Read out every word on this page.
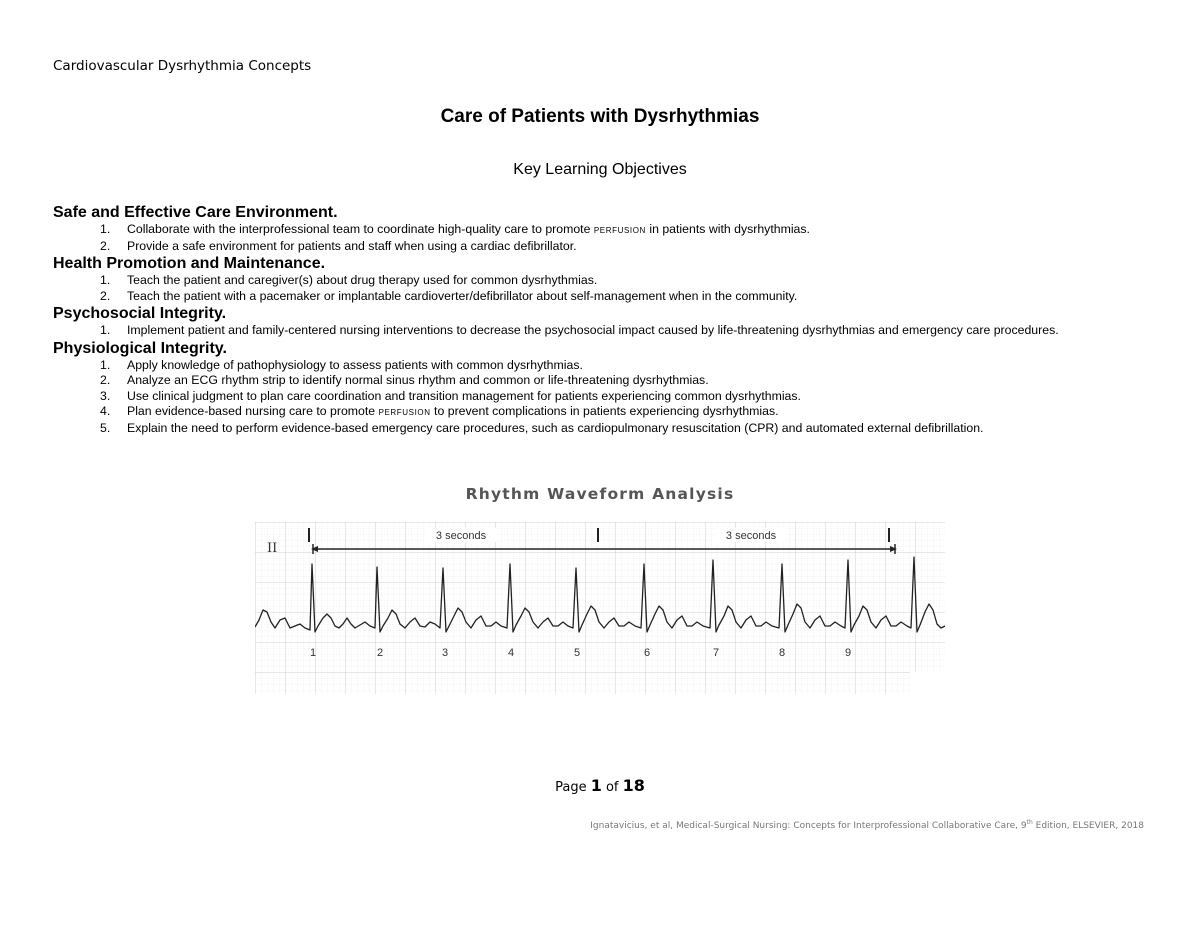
Cardiovascular Dysrhythmia Concepts
Care of Patients with Dysrhythmias
Key Learning Objectives
Safe and Effective Care Environment.
1. Collaborate with the interprofessional team to coordinate high-quality care to promote perfusion in patients with dysrhythmias.
2. Provide a safe environment for patients and staff when using a cardiac defibrillator.
Health Promotion and Maintenance.
1. Teach the patient and caregiver(s) about drug therapy used for common dysrhythmias.
2. Teach the patient with a pacemaker or implantable cardioverter/defibrillator about self-management when in the community.
Psychosocial Integrity.
1. Implement patient and family-centered nursing interventions to decrease the psychosocial impact caused by life-threatening dysrhythmias and emergency care procedures.
Physiological Integrity.
1. Apply knowledge of pathophysiology to assess patients with common dysrhythmias.
2. Analyze an ECG rhythm strip to identify normal sinus rhythm and common or life-threatening dysrhythmias.
3. Use clinical judgment to plan care coordination and transition management for patients experiencing common dysrhythmias.
4. Plan evidence-based nursing care to promote perfusion to prevent complications in patients experiencing dysrhythmias.
5. Explain the need to perform evidence-based emergency care procedures, such as cardiopulmonary resuscitation (CPR) and automated external defibrillation.
Rhythm Waveform Analysis
II
3 seconds	3 seconds
1	2	3	4	5	6	7	8	9
Page 1 of 18
Ignatavicius, et al, Medical-Surgical Nursing: Concepts for Interprofessional Collaborative Care, 9th Edition, ELSEVIER, 2018
